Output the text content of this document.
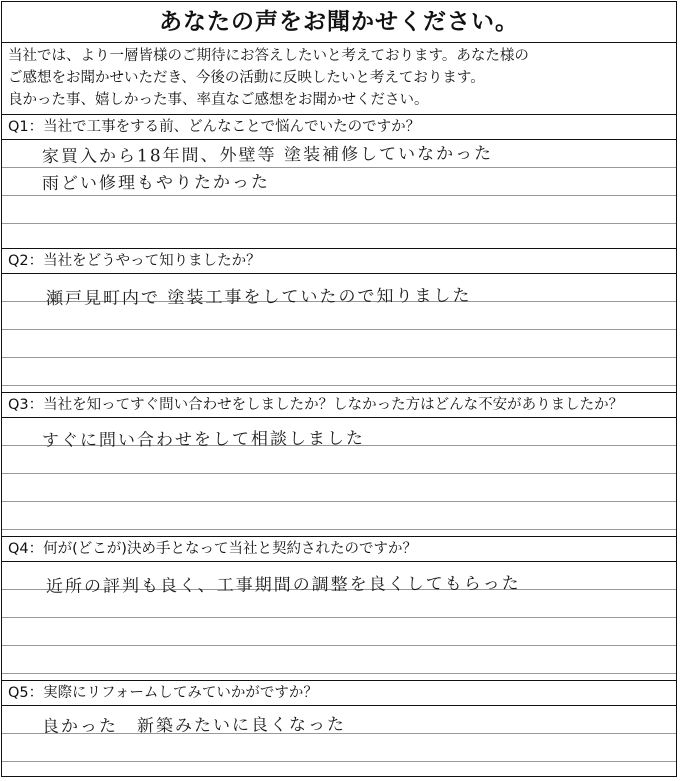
あなたの声をお聞かせください。
当社では、より一層皆様のご期待にお答えしたいと考えております。あなた様の
ご感想をお聞かせいただき、今後の活動に反映したいと考えております。
良かった事、嬉しかった事、率直なご感想をお聞かせください。
Q1：当社で工事をする前、どんなことで悩んでいたのですか？
家買入から18年間、外壁等 塗装補修していなかった
雨どい修理もやりたかった
Q2：当社をどうやって知りましたか？
瀬戸見町内で 塗装工事をしていたので知りました
Q3：当社を知ってすぐ問い合わせをしましたか？しなかった方はどんな不安がありましたか？
すぐに問い合わせをして相談しました
Q4：何が(どこが)決め手となって当社と契約されたのですか？
近所の評判も良く、工事期間の調整を良くしてもらった
Q5：実際にリフォームしてみていかがですか？
良かった　新築みたいに良くなった
